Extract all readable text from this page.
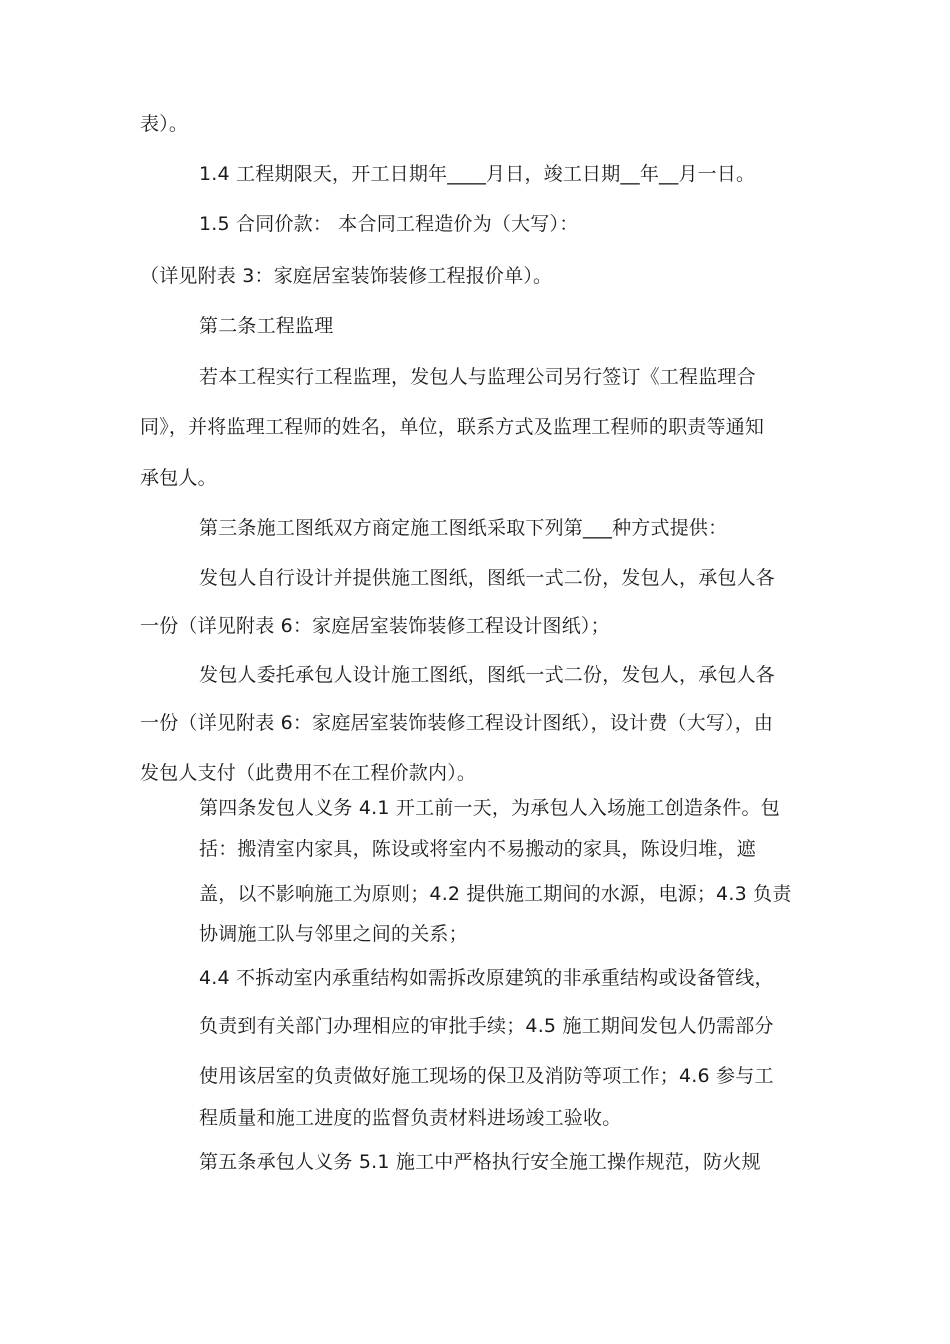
表）。
1.4 工程期限天，开工日期年____月日，竣工日期__年__月一日。
1.5 合同价款： 本合同工程造价为（大写）：
（详见附表 3：家庭居室装饰装修工程报价单）。
第二条工程监理
若本工程实行工程监理，发包人与监理公司另行签订《工程监理合
同》，并将监理工程师的姓名，单位，联系方式及监理工程师的职责等通知
承包人。
第三条施工图纸双方商定施工图纸采取下列第___种方式提供：
发包人自行设计并提供施工图纸，图纸一式二份，发包人，承包人各
一份（详见附表 6：家庭居室装饰装修工程设计图纸）；
发包人委托承包人设计施工图纸，图纸一式二份，发包人，承包人各
一份（详见附表 6：家庭居室装饰装修工程设计图纸），设计费（大写），由
发包人支付（此费用不在工程价款内）。
第四条发包人义务 4.1 开工前一天，为承包人入场施工创造条件。包
括：搬清室内家具，陈设或将室内不易搬动的家具，陈设归堆，遮
盖，以不影响施工为原则；4.2 提供施工期间的水源，电源；4.3 负责
协调施工队与邻里之间的关系；
4.4 不拆动室内承重结构如需拆改原建筑的非承重结构或设备管线，
负责到有关部门办理相应的审批手续；4.5 施工期间发包人仍需部分
使用该居室的负责做好施工现场的保卫及消防等项工作；4.6 参与工
程质量和施工进度的监督负责材料进场竣工验收。
第五条承包人义务 5.1 施工中严格执行安全施工操作规范，防火规
